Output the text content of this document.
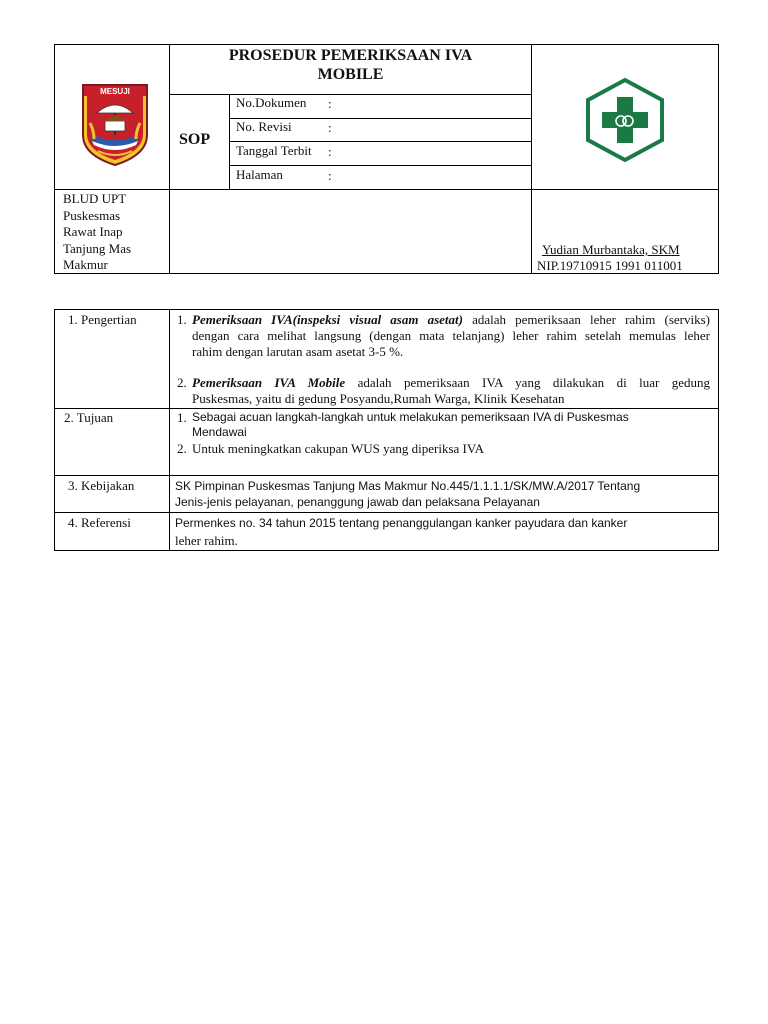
MESUJI
PROSEDUR PEMERIKSAAN IVA
MOBILE
SOP
No.Dokumen :
No. Revisi	:
Tanggal Terbit :
Halaman	:
BLUD UPT
Puskesmas
Rawat Inap
Tanjung Mas
Makmur
Yudian Murbantaka, SKM
NIP.19710915 1991 011001
1. Pengertian	1. Pemeriksaan IVA(inspeksi visual asam asetat) adalah pemeriksaan leher rahim (serviks)
dengan cara melihat langsung (dengan mata telanjang) leher rahim setelah memulas leher
rahim dengan larutan asam asetat 3-5 %.
2. Pemeriksaan IVA Mobile adalah pemeriksaan IVA yang dilakukan di luar gedung
Puskesmas, yaitu di gedung Posyandu,Rumah Warga, Klinik Kesehatan
2. Tujuan	1. Sebagai acuan langkah-langkah untuk melakukan pemeriksaan IVA di Puskesmas
Mendawai
2. Untuk meningkatkan cakupan WUS yang diperiksa IVA
3. Kebijakan	SK Pimpinan Puskesmas Tanjung Mas Makmur No.445/1.1.1.1/SK/MW.A/2017 Tentang
Jenis-jenis pelayanan, penanggung jawab dan pelaksana Pelayanan
4. Referensi	Permenkes no. 34 tahun 2015 tentang penanggulangan kanker payudara dan kanker
leher rahim.
